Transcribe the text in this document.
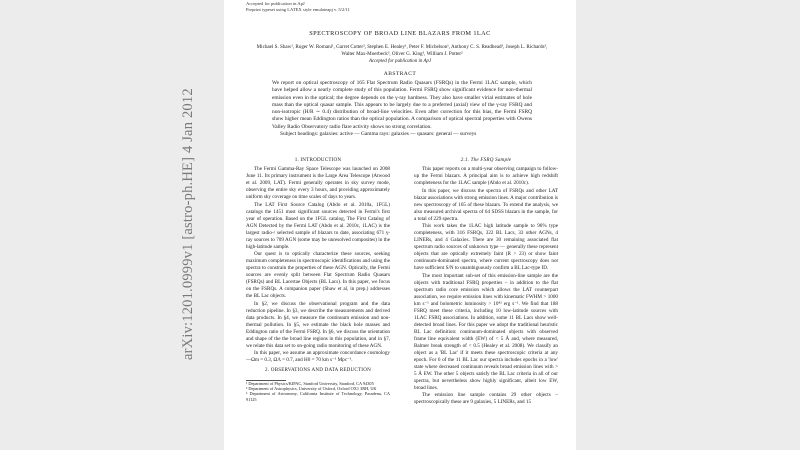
Accepted for publication in ApJ
Preprint typeset using LATEX style emulateapj v. 5/2/11
SPECTROSCOPY OF BROAD LINE BLAZARS FROM 1LAC
Michael S. Shaw¹, Roger W. Romani¹, Garret Cotter², Stephen E. Healey¹, Peter F. Michelson¹, Anthony C. S. Readhead³, Joseph L. Richards³, Walter Max-Moerbeck³, Oliver G. King³, William J. Potter²
Accepted for publication in ApJ
ABSTRACT
We report on optical spectroscopy of 165 Flat Spectrum Radio Quasars (FSRQs) in the Fermi 1LAC sample, which have helped allow a nearly complete study of this population. Fermi FSRQ show significant evidence for non-thermal emission even in the optical; the degree depends on the γ-ray hardness. They also have smaller virial estimates of hole mass than the optical quasar sample. This appears to be largely due to a preferred (axial) view of the γ-ray FSRQ and non-isotropic (H/R ∼ 0.4) distribution of broad-line velocities. Even after correction for this bias, the Fermi FSRQ show higher mean Eddington ratios than the optical population. A comparison of optical spectral properties with Owens Valley Radio Observatory radio flare activity shows no strong correlation.
Subject headings: galaxies: active — Gamma rays: galaxies — quasars: general — surveys
1. INTRODUCTION

The Fermi Gamma-Ray Space Telescope was launched on 2008 June 11. Its primary instrument is the Large Area Telescope (Atwood et al. 2009, LAT). Fermi generally operates in sky survey mode, observing the entire sky every 3 hours, and providing approximately uniform sky coverage on time scales of days to years.

The LAT First Source Catalog (Abdo et al. 2010a, 1FGL) catalogs the 1451 most significant sources detected in Fermi's first year of operation. Based on the 1FGL catalog, The First Catalog of AGN Detected by the Fermi LAT (Abdo et al. 2010c, 1LAC) is the largest radio-/ selected sample of blazars to date, associating 671 γ-ray sources to 709 AGN (some may be unresolved composites) in the high-latitude sample.

Our quest is to optically characterize these sources, seeking maximum completeness in spectroscopic identifications and using the spectra to constrain the properties of these AGN. Optically, the Fermi sources are evenly split between Flat Spectrum Radio Quasars (FSRQs) and BL Lacertae Objects (BL Lacs). In this paper, we focus on the FSRQs. A companion paper (Shaw et al, in prep.) addresses the BL Lac objects.

In §2, we discuss the observational program and the data reduction pipeline. In §3, we describe the measurements and derived data products. In §4, we measure the continuum emission and non-thermal pollution. In §5, we estimate the black hole masses and Eddington ratio of the Fermi FSRQ. In §6, we discuss the orientation and shape of the the broad line regions in this population, and in §7, we relate this data set to on-going radio monitoring of these AGN.

In this paper, we assume an approximate concordance cosmology—Ωm = 0.3, ΩΛ = 0.7, and H0 = 70 km s⁻¹ Mpc⁻¹.

2. OBSERVATIONS AND DATA REDUCTION
¹ Department of Physics/KIPAC, Stanford University, Stanford, CA 94305
² Department of Astrophysics, University of Oxford, Oxford OX1 3RH, UK
³ Department of Astronomy, California Institute of Technology, Pasadena, CA 91125
2.1. The FSRQ Sample

This paper reports on a multi-year observing campaign to follow-up the Fermi blazars. A principal aim is to achieve high redshift completeness for the 1LAC sample (Abdo et al. 2010c).

In this paper, we discuss the spectra of FSRQs and other LAT blazar associations with strong emission lines. A major contribution is new spectroscopy of 165 of these blazars. To extend the analysis, we also measured archival spectra of 64 SDSS blazars in the sample, for a total of 229 spectra.

This work takes the 1LAC high latitude sample to 96% type completeness, with 316 FSRQs, 322 BL Lacs, 33 other AGNs, 4 LINERs, and 4 Galaxies. There are 30 remaining associated flat spectrum radio sources of unknown type — generally these represent objects that are optically extremely faint (R > 23) or show faint continuum-dominated spectra, where current spectroscopy does not have sufficient S/N to unambiguously confirm a BL Lac-type ID.

The most important sub-set of this emission-line sample are the objects with traditional FSRQ properties – in addition to the flat spectrum radio core emission which allows the LAT counterpart association, we require emission lines with kinematic FWHM > 1000 km s⁻¹ and bolometric luminosity > 10⁴² erg s⁻¹. We find that 188 FSRQ meet these criteria, including 10 low-latitude sources with 1LAC FSRQ associations. In addition, some 11 BL Lacs show well-detected broad lines. For this paper we adopt the traditional heuristic BL Lac definition: continuum-dominated objects with observed frame line equivalent width (EW) of < 5 Å and, where measured, Balmer break strength of < 0.5 (Healey et al. 2008). We classify an object as a 'BL Lac' if it meets these spectroscopic criteria at any epoch. For 6 of the 11 BL Lac our spectra includes epochs in a 'low' state where decreased continuum reveals broad emission lines with > 5 Å EW. The other 5 objects satisfy the BL Lac criteria in all of our spectra, but nevertheless show highly significant, albeit low EW, broad lines.

The emission line sample contains 29 other objects – spectroscopically these are 9 galaxies, 5 LINERs, and 15

arXiv:1201.0999v1 [astro-ph.HE] 4 Jan 2012
